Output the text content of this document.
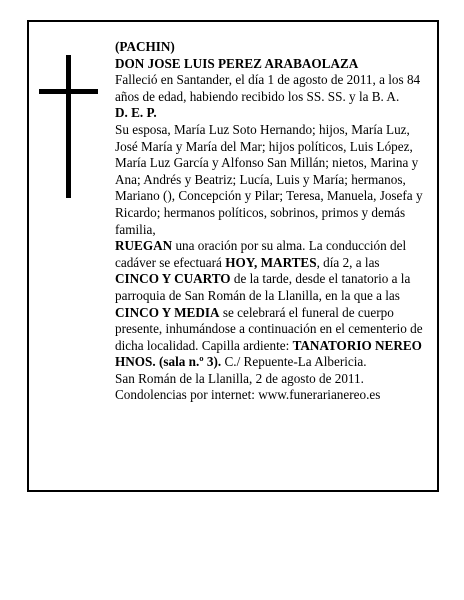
(PACHIN)

DON JOSE LUIS PEREZ ARABAOLAZA

Falleció en Santander, el día 1 de agosto de 2011, a los 84 años de edad, habiendo recibido los SS. SS. y la B. A.

D. E. P.

Su esposa, María Luz Soto Hernando; hijos, María Luz, José María y María del Mar; hijos políticos, Luis López, María Luz García y Alfonso San Millán; nietos, Marina y Ana; Andrés y Beatriz; Lucía, Luis y María; hermanos, Mariano (), Concepción y Pilar; Teresa, Manuela, Josefa y Ricardo; hermanos políticos, sobrinos, primos y demás familia,

RUEGAN una oración por su alma. La conducción del cadáver se efectuará HOY, MARTES, día 2, a las CINCO Y CUARTO de la tarde, desde el tanatorio a la parroquia de San Román de la Llanilla, en la que a las CINCO Y MEDIA se celebrará el funeral de cuerpo presente, inhumándose a continuación en el cementerio de dicha localidad. Capilla ardiente: TANATORIO NEREO HNOS. (sala n.º 3). C./ Repuente-La Albericia.

San Román de la Llanilla, 2 de agosto de 2011.

Condolencias por internet: www.funerarianereo.es
